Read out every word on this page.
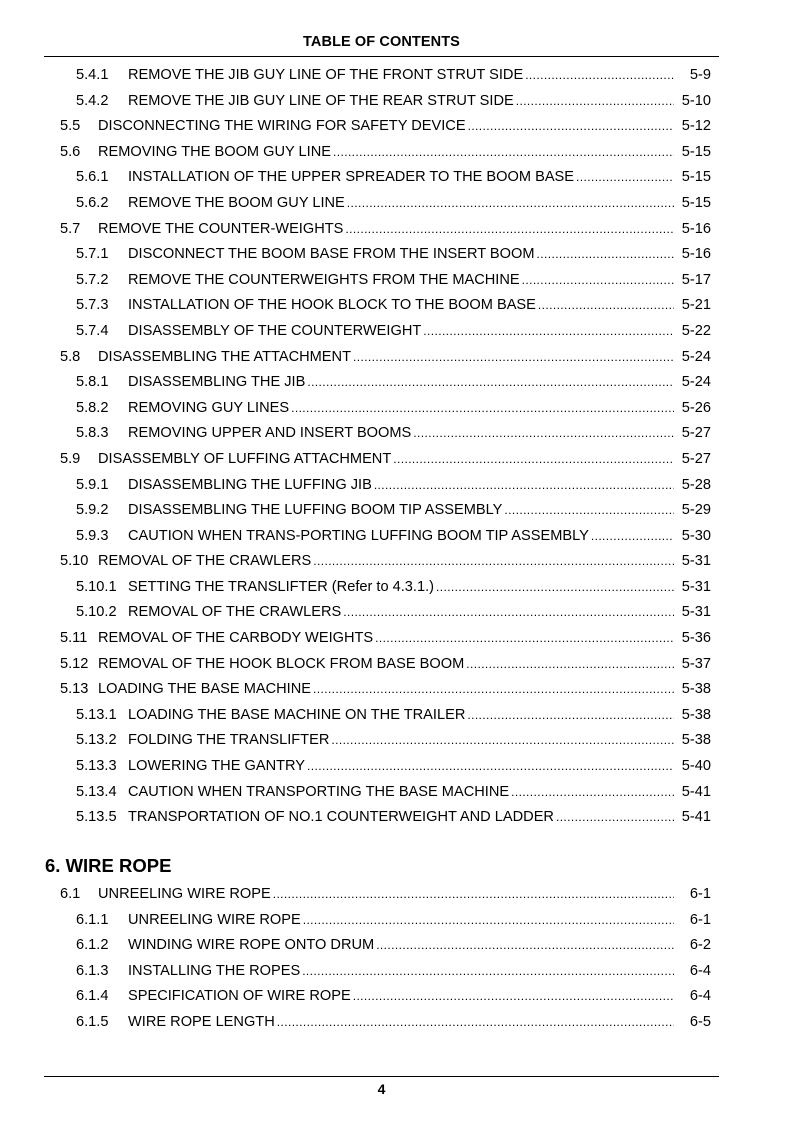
TABLE OF CONTENTS
5.4.1	REMOVE THE JIB GUY LINE OF THE FRONT STRUT SIDE .....	5-9
5.4.2	REMOVE THE JIB GUY LINE OF THE REAR STRUT SIDE .....	5-10
5.5	DISCONNECTING THE WIRING FOR SAFETY DEVICE .....	5-12
5.6	REMOVING THE BOOM GUY LINE .....	5-15
5.6.1	INSTALLATION OF THE UPPER SPREADER TO THE BOOM BASE .....	5-15
5.6.2	REMOVE THE BOOM GUY LINE .....	5-15
5.7	REMOVE THE COUNTER-WEIGHTS .....	5-16
5.7.1	DISCONNECT THE BOOM BASE FROM THE INSERT BOOM .....	5-16
5.7.2	REMOVE THE COUNTERWEIGHTS FROM THE MACHINE .....	5-17
5.7.3	INSTALLATION OF THE HOOK BLOCK TO THE BOOM BASE .....	5-21
5.7.4	DISASSEMBLY OF THE COUNTERWEIGHT .....	5-22
5.8	DISASSEMBLING THE ATTACHMENT .....	5-24
5.8.1	DISASSEMBLING THE JIB .....	5-24
5.8.2	REMOVING GUY LINES .....	5-26
5.8.3	REMOVING UPPER AND INSERT BOOMS .....	5-27
5.9	DISASSEMBLY OF LUFFING ATTACHMENT .....	5-27
5.9.1	DISASSEMBLING THE LUFFING JIB .....	5-28
5.9.2	DISASSEMBLING THE LUFFING BOOM TIP ASSEMBLY .....	5-29
5.9.3	CAUTION WHEN TRANS-PORTING LUFFING BOOM TIP ASSEMBLY .....	5-30
5.10 REMOVAL OF THE CRAWLERS .....	5-31
5.10.1 SETTING THE TRANSLIFTER (Refer to 4.3.1.) .....	5-31
5.10.2 REMOVAL OF THE CRAWLERS .....	5-31
5.11 REMOVAL OF THE CARBODY WEIGHTS .....	5-36
5.12 REMOVAL OF THE HOOK BLOCK FROM BASE BOOM .....	5-37
5.13 LOADING THE BASE MACHINE .....	5-38
5.13.1 LOADING THE BASE MACHINE ON THE TRAILER .....	5-38
5.13.2 FOLDING THE TRANSLIFTER .....	5-38
5.13.3 LOWERING THE GANTRY .....	5-40
5.13.4 CAUTION WHEN TRANSPORTING THE BASE MACHINE .....	5-41
5.13.5 TRANSPORTATION OF NO.1 COUNTERWEIGHT AND LADDER .....	5-41
6. WIRE ROPE
6.1	UNREELING WIRE ROPE .....	6-1
6.1.1	UNREELING WIRE ROPE .....	6-1
6.1.2	WINDING WIRE ROPE ONTO DRUM .....	6-2
6.1.3	INSTALLING THE ROPES .....	6-4
6.1.4	SPECIFICATION OF WIRE ROPE .....	6-4
6.1.5	WIRE ROPE LENGTH .....	6-5
4
